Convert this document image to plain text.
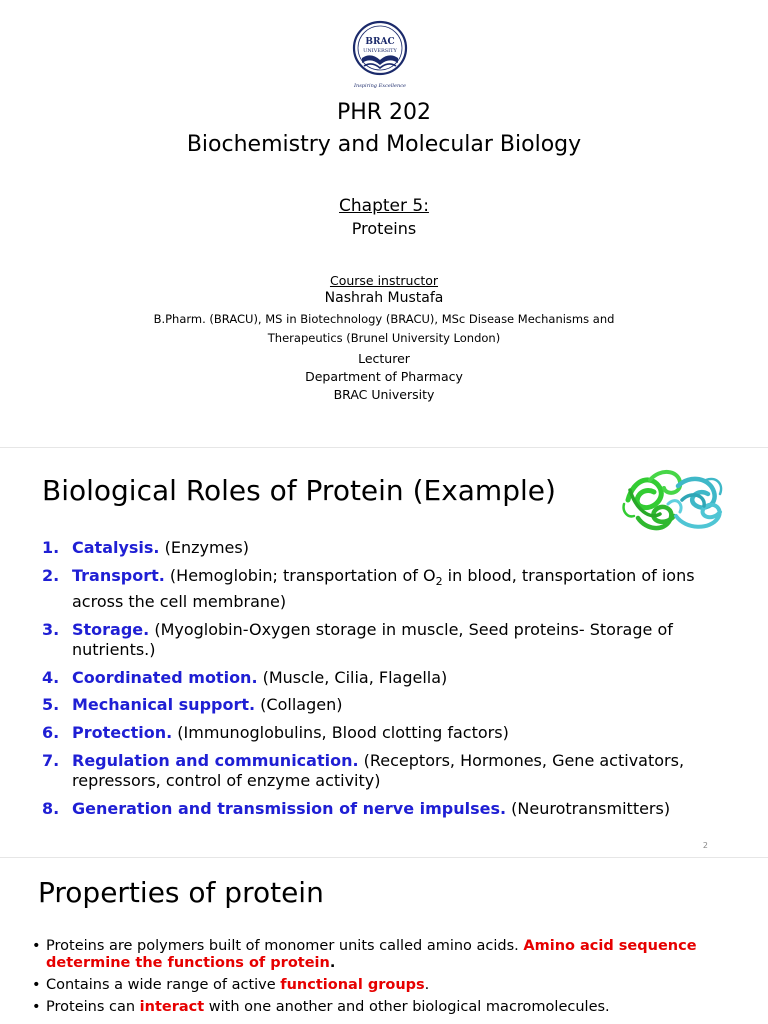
BRAC
UNIVERSITY
Inspiring Excellence
PHR 202
Biochemistry and Molecular Biology
Chapter 5:
Proteins
Course instructor
Nashrah Mustafa
B.Pharm. (BRACU), MS in Biotechnology (BRACU), MSc Disease Mechanisms and
Therapeutics (Brunel University London)
Lecturer
Department of Pharmacy
BRAC University
Biological Roles of Protein (Example)
1. Catalysis. (Enzymes)
2. Transport. (Hemoglobin; transportation of $O_2$ in blood, transportation of ions across the cell membrane)
3. Storage. (Myoglobin-Oxygen storage in muscle, Seed proteins- Storage of nutrients.)
4. Coordinated motion. (Muscle, Cilia, Flagella)
5. Mechanical support. (Collagen)
6. Protection. (Immunoglobulins, Blood clotting factors)
7. Regulation and communication. (Receptors, Hormones, Gene activators, repressors, control of enzyme activity)
8. Generation and transmission of nerve impulses. (Neurotransmitters)
2
Properties of protein
• Proteins are polymers built of monomer units called amino acids. Amino acid sequence determine the functions of protein.
• Contains a wide range of active functional groups.
• Proteins can interact with one another and other biological macromolecules.
